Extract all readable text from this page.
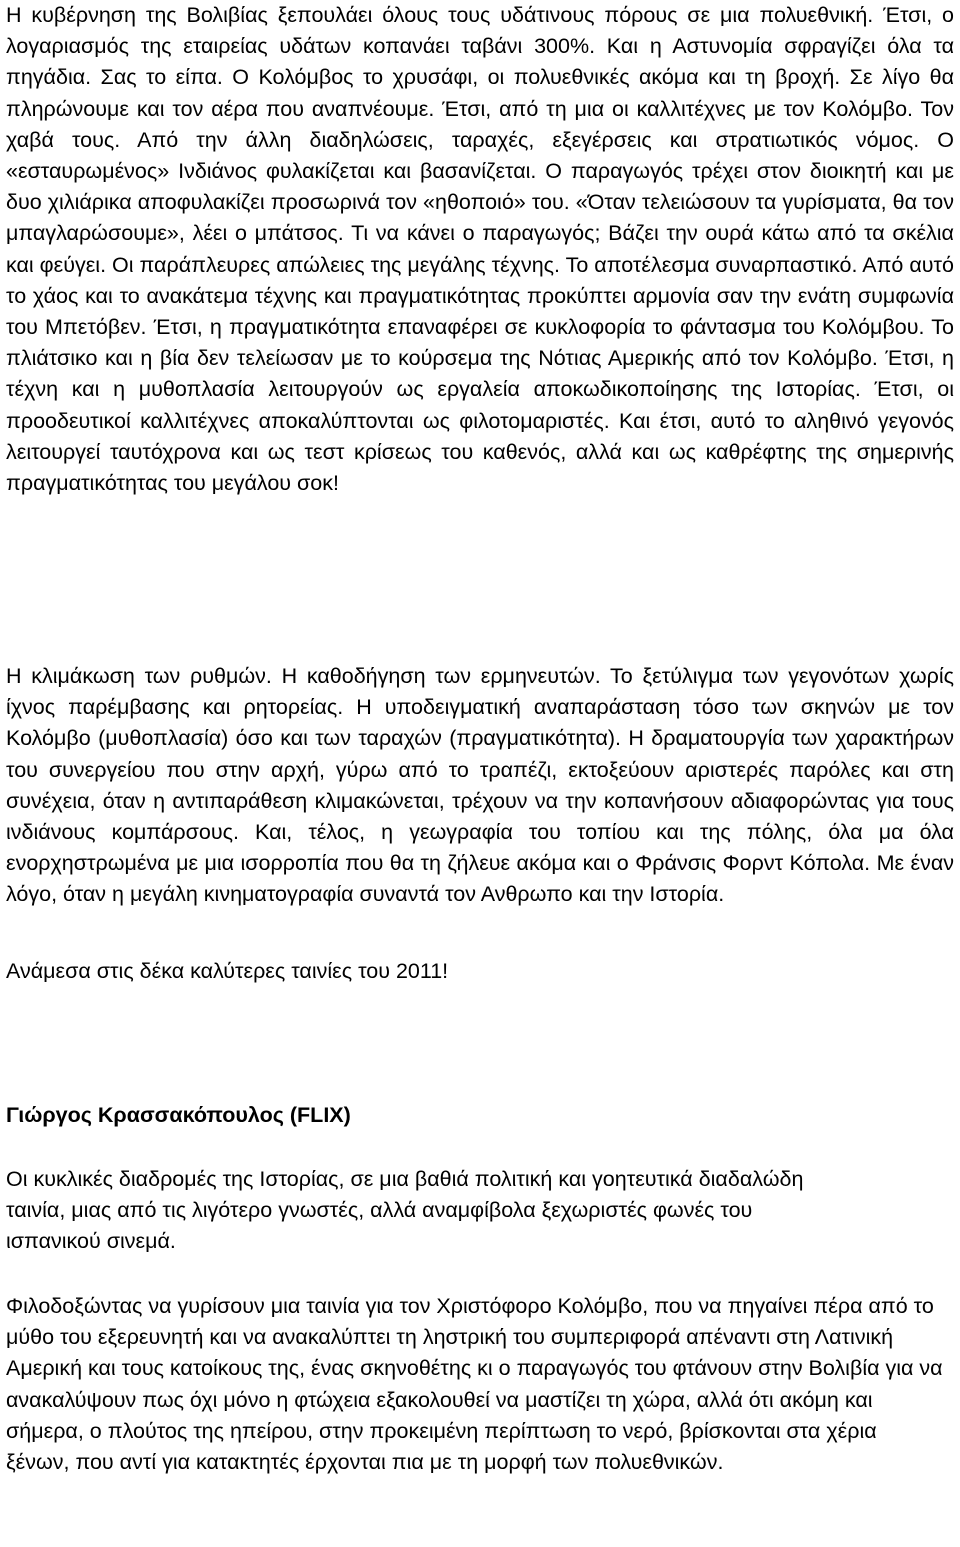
Η κυβέρνηση της Βολιβίας ξεπουλάει όλους τους υδάτινους πόρους σε μια πολυεθνική. Έτσι, ο λογαριασμός της εταιρείας υδάτων κοπανάει ταβάνι 300%. Και η Αστυνομία σφραγίζει όλα τα πηγάδια. Σας το είπα. Ο Κολόμβος το χρυσάφι, οι πολυεθνικές ακόμα και τη βροχή. Σε λίγο θα πληρώνουμε και τον αέρα που αναπνέουμε. Έτσι, από τη μια οι καλλιτέχνες με τον Κολόμβο. Τον χαβά τους. Από την άλλη διαδηλώσεις, ταραχές, εξεγέρσεις και στρατιωτικός νόμος. Ο «εσταυρωμένος» Ινδιάνος φυλακίζεται και βασανίζεται. Ο παραγωγός τρέχει στον διοικητή και με δυο χιλιάρικα αποφυλακίζει προσωρινά τον «ηθοποιό» του. «Όταν τελειώσουν τα γυρίσματα, θα τον μπαγλαρώσουμε», λέει ο μπάτσος. Τι να κάνει ο παραγωγός; Βάζει την ουρά κάτω από τα σκέλια και φεύγει. Οι παράπλευρες απώλειες της μεγάλης τέχνης. Το αποτέλεσμα συναρπαστικό. Από αυτό το χάος και το ανακάτεμα τέχνης και πραγματικότητας προκύπτει αρμονία σαν την ενάτη συμφωνία του Μπετόβεν. Έτσι, η πραγματικότητα επαναφέρει σε κυκλοφορία το φάντασμα του Κολόμβου. Το πλιάτσικο και η βία δεν τελείωσαν με το κούρσεμα της Νότιας Αμερικής από τον Κολόμβο. Έτσι, η τέχνη και η μυθοπλασία λειτουργούν ως εργαλεία αποκωδικοποίησης της Ιστορίας. Έτσι, οι προοδευτικοί καλλιτέχνες αποκαλύπτονται ως φιλοτομαριστές. Και έτσι, αυτό το αληθινό γεγονός λειτουργεί ταυτόχρονα και ως τεστ κρίσεως του καθενός, αλλά και ως καθρέφτης της σημερινής πραγματικότητας του μεγάλου σοκ!

Η κλιμάκωση των ρυθμών. Η καθοδήγηση των ερμηνευτών. Το ξετύλιγμα των γεγονότων χωρίς ίχνος παρέμβασης και ρητορείας. Η υποδειγματική αναπαράσταση τόσο των σκηνών με τον Κολόμβο (μυθοπλασία) όσο και των ταραχών (πραγματικότητα). Η δραματουργία των χαρακτήρων του συνεργείου που στην αρχή, γύρω από το τραπέζι, εκτοξεύουν αριστερές παρόλες και στη συνέχεια, όταν η αντιπαράθεση κλιμακώνεται, τρέχουν να την κοπανήσουν αδιαφορώντας για τους ινδιάνους κομπάρσους. Και, τέλος, η γεωγραφία του τοπίου και της πόλης, όλα μα όλα ενορχηστρωμένα με μια ισορροπία που θα τη ζήλευε ακόμα και ο Φράνσις Φορντ Κόπολα. Με έναν λόγο, όταν η μεγάλη κινηματογραφία συναντά τον Ανθρωπο και την Ιστορία.

Ανάμεσα στις δέκα καλύτερες ταινίες του 2011!

Γιώργος Κρασσακόπουλος (FLIX)

Οι κυκλικές διαδρομές της Ιστορίας, σε μια βαθιά πολιτική και γοητευτικά διαδαλώδη ταινία, μιας από τις λιγότερο γνωστές, αλλά αναμφίβολα ξεχωριστές φωνές του ισπανικού σινεμά.

Φιλοδοξώντας να γυρίσουν μια ταινία για τον Χριστόφορο Κολόμβο, που να πηγαίνει πέρα από το μύθο του εξερευνητή και να ανακαλύπτει τη ληστρική του συμπεριφορά απέναντι στη Λατινική Αμερική και τους κατοίκους της, ένας σκηνοθέτης κι ο παραγωγός του φτάνουν στην Βολιβία για να ανακαλύψουν πως όχι μόνο η φτώχεια εξακολουθεί να μαστίζει τη χώρα, αλλά ότι ακόμη και σήμερα, ο πλούτος της ηπείρου, στην προκειμένη περίπτωση το νερό, βρίσκονται στα χέρια ξένων, που αντί για κατακτητές έρχονται πια με τη μορφή των πολυεθνικών.
